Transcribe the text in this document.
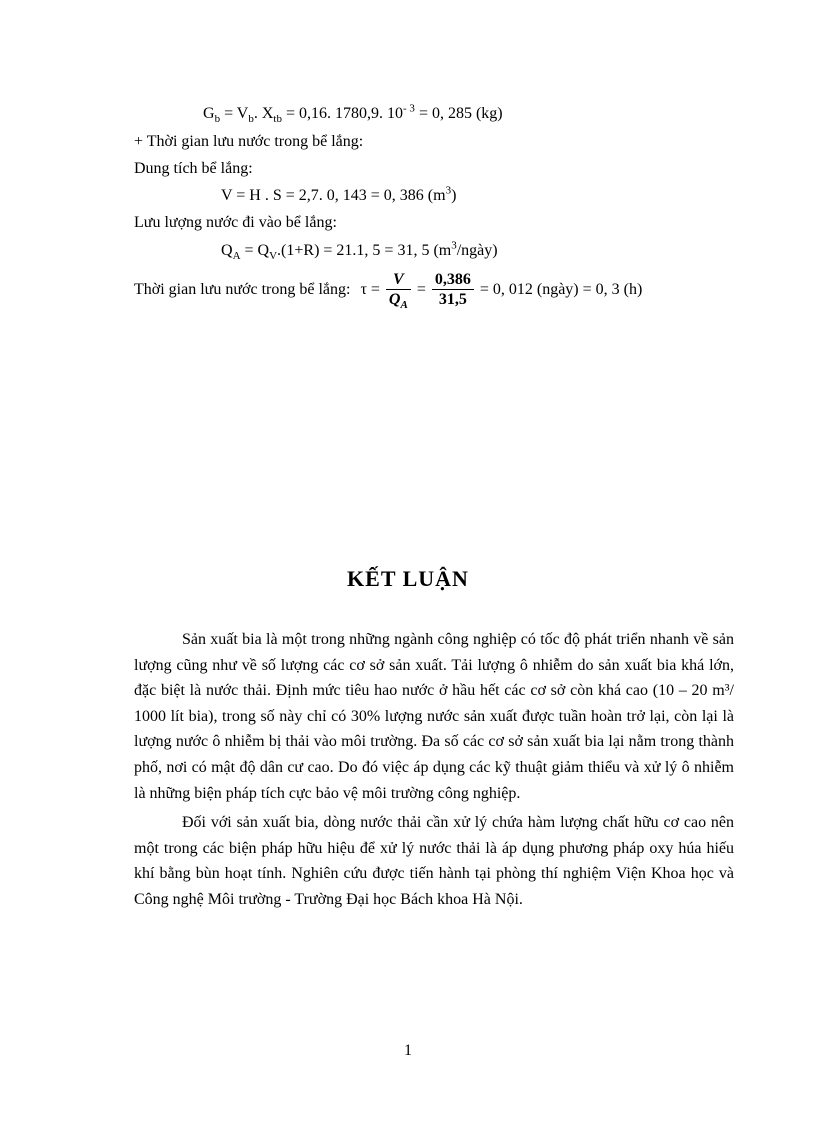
$G_b = V_b$. $X_{tb} = 0,16$. 1780,9. $10^{- 3} = 0$, 285 (kg)
+ Thời gian lưu nước trong bể lắng:
Dung tích bể lắng:
V = H . S = 2,7. 0, 143 = 0, 386 $(m^3)$
Lưu lượng nước đi vào bể lắng:
$Q_A = Q_V.(1+R) = 21.1$, 5 = 31, 5 $(m^3/ngày)$
Thời gian lưu nước trong bể lắng: $\tau = \frac{V}{Q_A} = \frac{0,386}{31,5} = 0$, 012 (ngày) = 0, 3 (h)
KẾT LUẬN

Sản xuất bia là một trong những ngành công nghiệp có tốc độ phát triển nhanh về sản lượng cũng như về số lượng các cơ sở sản xuất. Tải lượng ô nhiễm do sản xuất bia khá lớn, đặc biệt là nước thải. Định mức tiêu hao nước ở hầu hết các cơ sở còn khá cao (10 – 20 m³/ 1000 lít bia), trong số này chỉ có 30% lượng nước sản xuất được tuần hoàn trở lại, còn lại là lượng nước ô nhiễm bị thải vào môi trường. Đa số các cơ sở sản xuất bia lại nằm trong thành phố, nơi có mật độ dân cư cao. Do đó việc áp dụng các kỹ thuật giảm thiểu và xử lý ô nhiễm là những biện pháp tích cực bảo vệ môi trường công nghiệp.

Đối với sản xuất bia, dòng nước thải cần xử lý chứa hàm lượng chất hữu cơ cao nên một trong các biện pháp hữu hiệu để xử lý nước thải là áp dụng phương pháp oxy húa hiếu khí bằng bùn hoạt tính. Nghiên cứu được tiến hành tại phòng thí nghiệm Viện Khoa học và Công nghệ Môi trường - Trường Đại học Bách khoa Hà Nội.

1
